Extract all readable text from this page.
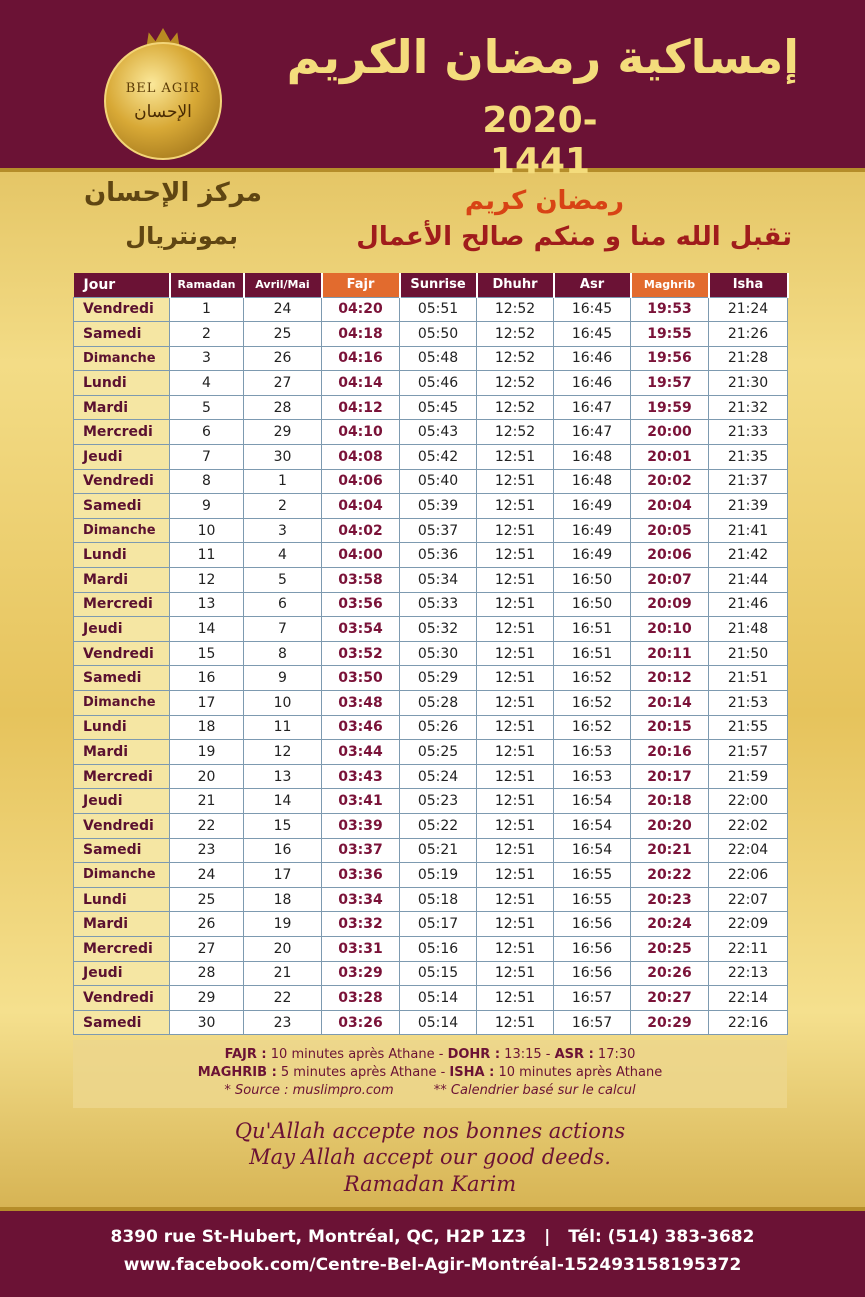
BEL AGIR
الإحسان
إمساكية رمضان الكريم
2020-1441
مركز الإحسان
بمونتريال
رمضان كريم
تقبل الله منا و منكم صالح الأعمال
Jour	Ramadan	Avril/Mai	Fajr	Sunrise	Dhuhr	Asr	Maghrib	Isha
Vendredi	1	24	04:20	05:51	12:52	16:45	19:53	21:24
Samedi	2	25	04:18	05:50	12:52	16:45	19:55	21:26
Dimanche	3	26	04:16	05:48	12:52	16:46	19:56	21:28
Lundi	4	27	04:14	05:46	12:52	16:46	19:57	21:30
Mardi	5	28	04:12	05:45	12:52	16:47	19:59	21:32
Mercredi	6	29	04:10	05:43	12:52	16:47	20:00	21:33
Jeudi	7	30	04:08	05:42	12:51	16:48	20:01	21:35
Vendredi	8	1	04:06	05:40	12:51	16:48	20:02	21:37
Samedi	9	2	04:04	05:39	12:51	16:49	20:04	21:39
Dimanche	10	3	04:02	05:37	12:51	16:49	20:05	21:41
Lundi	11	4	04:00	05:36	12:51	16:49	20:06	21:42
Mardi	12	5	03:58	05:34	12:51	16:50	20:07	21:44
Mercredi	13	6	03:56	05:33	12:51	16:50	20:09	21:46
Jeudi	14	7	03:54	05:32	12:51	16:51	20:10	21:48
Vendredi	15	8	03:52	05:30	12:51	16:51	20:11	21:50
Samedi	16	9	03:50	05:29	12:51	16:52	20:12	21:51
Dimanche	17	10	03:48	05:28	12:51	16:52	20:14	21:53
Lundi	18	11	03:46	05:26	12:51	16:52	20:15	21:55
Mardi	19	12	03:44	05:25	12:51	16:53	20:16	21:57
Mercredi	20	13	03:43	05:24	12:51	16:53	20:17	21:59
Jeudi	21	14	03:41	05:23	12:51	16:54	20:18	22:00
Vendredi	22	15	03:39	05:22	12:51	16:54	20:20	22:02
Samedi	23	16	03:37	05:21	12:51	16:54	20:21	22:04
Dimanche	24	17	03:36	05:19	12:51	16:55	20:22	22:06
Lundi	25	18	03:34	05:18	12:51	16:55	20:23	22:07
Mardi	26	19	03:32	05:17	12:51	16:56	20:24	22:09
Mercredi	27	20	03:31	05:16	12:51	16:56	20:25	22:11
Jeudi	28	21	03:29	05:15	12:51	16:56	20:26	22:13
Vendredi	29	22	03:28	05:14	12:51	16:57	20:27	22:14
Samedi	30	23	03:26	05:14	12:51	16:57	20:29	22:16
FAJR : 10 minutes après Athane - DOHR : 13:15 - ASR : 17:30
MAGHRIB : 5 minutes après Athane - ISHA : 10 minutes après Athane
* Source : muslimpro.com	** Calendrier basé sur le calcul
Qu'Allah accepte nos bonnes actions
May Allah accept our good deeds.
Ramadan Karim
8390 rue St-Hubert, Montréal, QC, H2P 1Z3 | Tél: (514) 383-3682
www.facebook.com/Centre-Bel-Agir-Montréal-152493158195372
